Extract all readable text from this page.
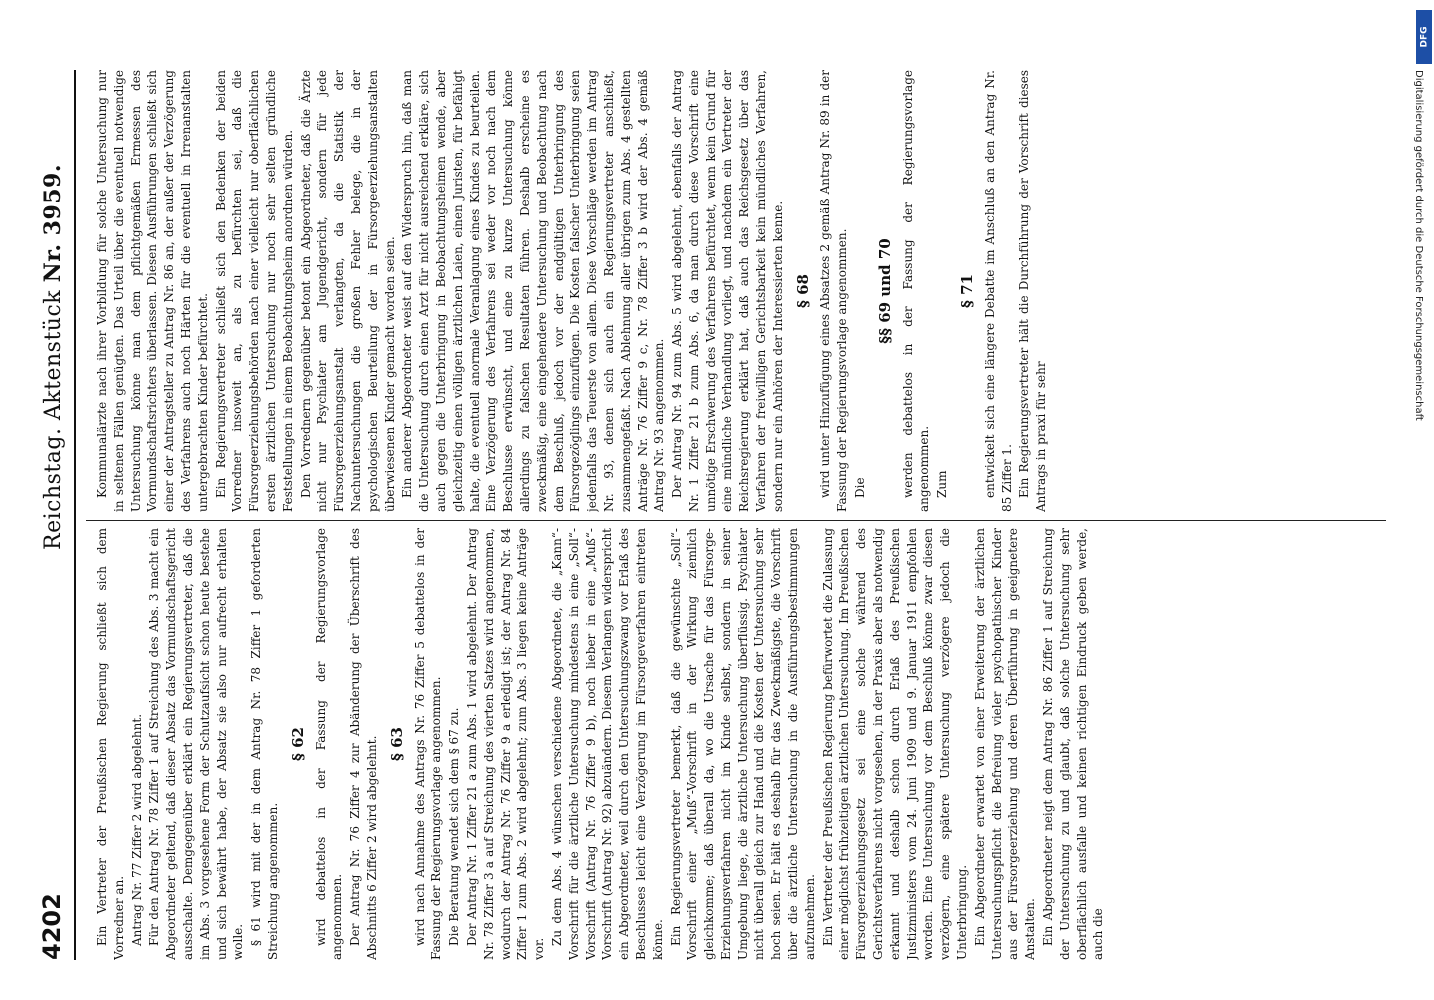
4202
Reichstag. Aktenstück Nr. 3959.

Ein Vertreter der Preußischen Regierung schließt sich dem Vorredner an. Antrag Nr. 77 Ziffer 2 wird abgelehnt. Für den Antrag Nr. 78 Ziffer 1 auf Streichung des Abs. 3 macht ein Abgeordneter geltend, daß dieser Absatz das Vormundschaftsgericht ausschalte. Demgegenüber erklärt ein Regierungsvertreter, daß die im Abs. 3 vorgesehene Form der Schutzaufsicht schon heute bestehe und sich bewährt habe, der Absatz sie also nur aufrecht erhalten wolle. § 61 wird mit der in dem Antrag Nr. 78 Ziffer 1 geforderten Streichung angenommen.

§ 62 wird debattelos in der Fassung der Regierungsvorlage angenommen. Der Antrag Nr. 76 Ziffer 4 zur Abänderung der Überschrift des Abschnitts 6 Ziffer 2 wird abgelehnt. § 63 wird nach Annahme des Antrags Nr. 76 Ziffer 5 debattelos in der Fassung der Regierungsvorlage angenommen. Die Beratung wendet sich dem § 67 zu. Der Antrag Nr. 1 Ziffer 21 a zum Abs. 1 wird abgelehnt. Der Antrag Nr. 78 Ziffer 3 a auf Streichung des vierten Satzes wird angenommen, wodurch der Antrag Nr. 76 Ziffer 9 a erledigt ist; der Antrag Nr. 84 Ziffer 1 zum Abs. 2 wird abgelehnt; zum Abs. 3 liegen keine Anträge vor.

Zu dem Abs. 4 wünschen verschiedene Abgeordnete, die „Kann“-Vorschrift für die ärztliche Untersuchung mindestens in eine „Soll“-Vorschrift (Antrag Nr. 76 Ziffer 9 b), noch lieber in eine „Muß“-Vorschrift (Antrag Nr. 92) abzuändern. Diesem Verlangen widerspricht ein Abgeordneter, weil durch den Untersuchungszwang vor Erlaß des Beschlusses leicht eine Verzögerung im Fürsorgeverfahren eintreten könne. Ein Regierungsvertreter bemerkt, daß die gewünschte „Soll“-Vorschrift einer „Muß“-Vorschrift in der Wirkung ziemlich gleichkomme; daß überall da, wo die Ursache für das Fürsorge-Erziehungsverfahren nicht im Kinde selbst, sondern in seiner Umgebung liege, die ärztliche Untersuchung überflüssig. Psychiater nicht überall gleich zur Hand und die Kosten der Untersuchung sehr hoch seien. Er hält es deshalb für das Zweckmäßigste, die Vorschrift über die ärztliche Untersuchung in die Ausführungsbestimmungen aufzunehmen. Ein Vertreter der Preußischen Regierung befürwortet die Zulassung einer möglichst frühzeitigen ärztlichen Untersuchung. Im Preußischen Fürsorgeerziehungsgesetz sei eine solche während des Gerichtsverfahrens nicht vorgesehen, in der Praxis aber als notwendig erkannt und deshalb schon durch Erlaß des Preußischen Justizministers vom 24. Juni 1909 und 9. Januar 1911 empfohlen worden. Eine Untersuchung vor dem Beschluß könne zwar diesen verzögern, eine spätere Untersuchung verzögere jedoch die Unterbringung. Ein Abgeordneter erwartet von einer Erweiterung der ärztlichen Untersuchungspflicht die Befreiung vieler psychopathischer Kinder aus der Fürsorgeerziehung und deren Überführung in geeignetere Anstalten. Ein Abgeordneter neigt dem Antrag Nr. 86 Ziffer 1 auf Streichung der Untersuchung zu und glaubt, daß solche Untersuchung sehr oberflächlich ausfalle und keinen richtigen Eindruck geben werde, auch die

Kommunalärzte nach ihrer Vorbildung für solche Untersuchung nur in seltenen Fällen genügten. Das Urteil über die eventuell notwendige Untersuchung könne man dem pflichtgemäßen Ermessen des Vormundschaftsrichters überlassen. Diesen Ausführungen schließt sich einer der Antragsteller zu Antrag Nr. 86 an, der außer der Verzögerung des Verfahrens auch noch Härten für die eventuell in Irrenanstalten untergebrachten Kinder befürchtet. Ein Regierungsvertreter schließt sich den Bedenken der beiden Vorredner insoweit an, als zu befürchten sei, daß die Fürsorgeerziehungsbehörden nach einer vielleicht nur oberflächlichen ersten ärztlichen Untersuchung nur noch sehr selten gründliche Feststellungen in einem Beobachtungsheim anordnen würden. Den Vorrednern gegenüber betont ein Abgeordneter, daß die Ärzte nicht nur Psychiater am Jugendgericht, sondern für jede Fürsorgeerziehungsanstalt verlangten, da die Statistik der Nachuntersuchungen die großen Fehler belege, die in der psychologischen Beurteilung der in Fürsorgeerziehungsanstalten überwiesenen Kinder gemacht worden seien. Ein anderer Abgeordneter weist auf den Widerspruch hin, daß man die Untersuchung durch einen Arzt für nicht ausreichend erkläre, sich auch gegen die Unterbringung in Beobachtungsheimen wende, aber gleichzeitig einen völligen ärztlichen Laien, einen Juristen, für befähigt halte, die eventuell anormale Veranlagung eines Kindes zu beurteilen. Eine Verzögerung des Verfahrens sei weder vor noch nach dem Beschlusse erwünscht, und eine zu kurze Untersuchung könne allerdings zu falschen Resultaten führen. Deshalb erscheine es zweckmäßig, eine eingehendere Untersuchung und Beobachtung nach dem Beschluß, jedoch vor der endgültigen Unterbringung des Fürsorgezöglings einzufügen. Die Kosten falscher Unterbringung seien jedenfalls das Teuerste von allem. Diese Vorschläge werden im Antrag Nr. 93, denen sich auch ein Regierungsvertreter anschließt, zusammengefaßt. Nach Ablehnung aller übrigen zum Abs. 4 gestellten Anträge Nr. 76 Ziffer 9 c, Nr. 78 Ziffer 3 b wird der Abs. 4 gemäß Antrag Nr. 93 angenommen. Der Antrag Nr. 94 zum Abs. 5 wird abgelehnt, ebenfalls der Antrag Nr. 1 Ziffer 21 b zum Abs. 6, da man durch diese Vorschrift eine unnötige Erschwerung des Verfahrens befürchtet, wenn kein Grund für eine mündliche Verhandlung vorliegt, und nachdem ein Vertreter der Reichsregierung erklärt hat, daß auch das Reichsgesetz über das Verfahren der freiwilligen Gerichtsbarkeit kein mündliches Verfahren, sondern nur ein Anhören der Interessierten kenne. § 68 wird unter Hinzufügung eines Absatzes 2 gemäß Antrag Nr. 89 in der Fassung der Regierungsvorlage angenommen. Die

§§ 69 und 70 werden debattelos in der Fassung der Regierungsvorlage angenommen. Zum

§ 71 entwickelt sich eine längere Debatte im Anschluß an den Antrag Nr. 85 Ziffer 1. Ein Regierungsvertreter hält die Durchführung der Vorschrift dieses Antrags in praxi für sehr

DFG
Digitalisierung gefördert durch die Deutsche Forschungsgemeinschaft
